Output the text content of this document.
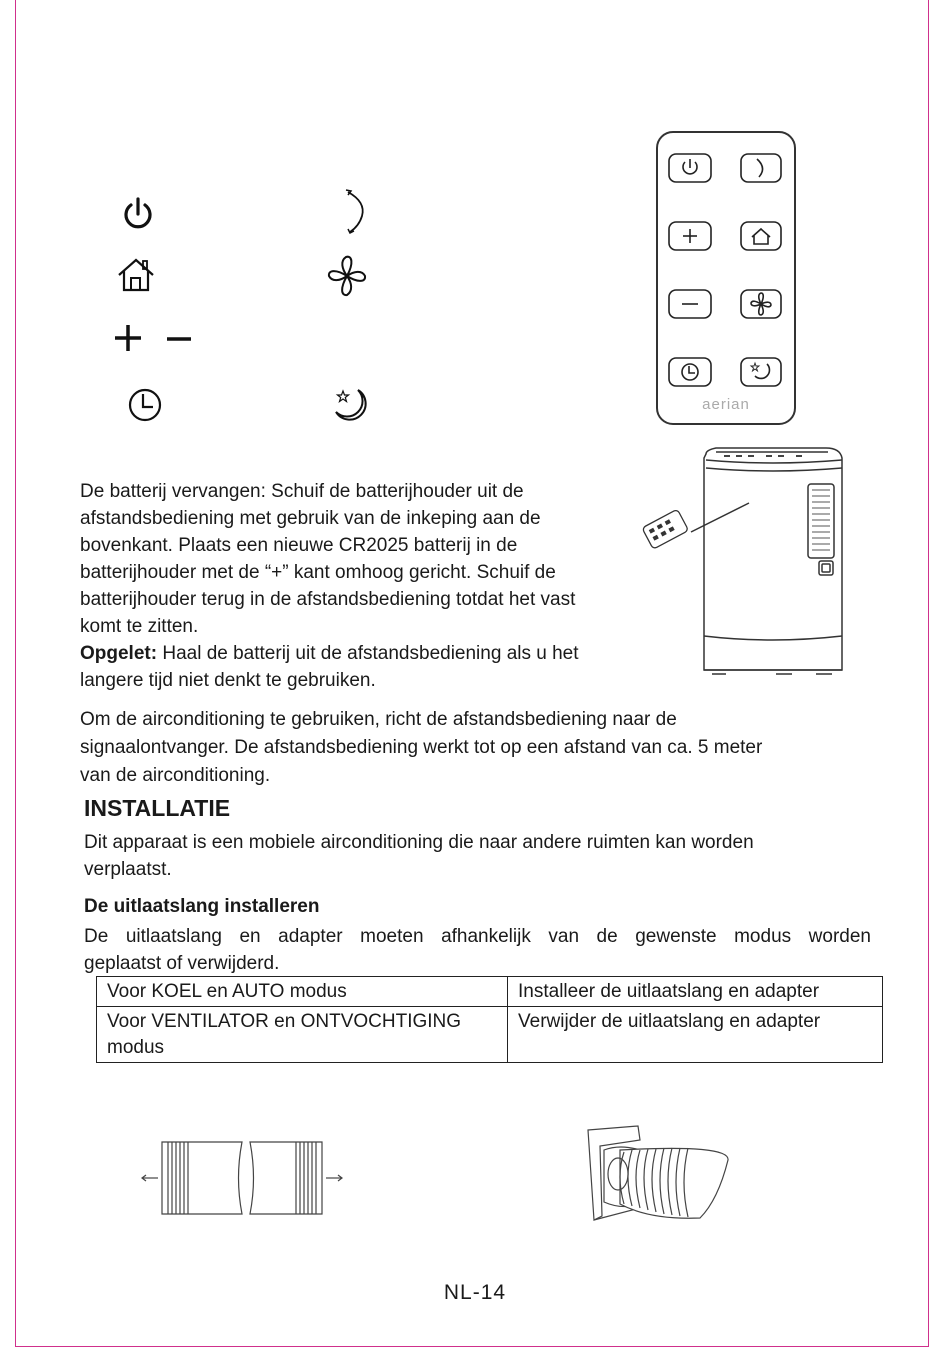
aerian

De batterij vervangen: Schuif de batterijhouder uit de
afstandsbediening met gebruik van de inkeping aan de
bovenkant. Plaats een nieuwe CR2025 batterij in de
batterijhouder met de “+” kant omhoog gericht. Schuif de
batterijhouder terug in de afstandsbediening totdat het vast
komt te zitten.
Opgelet: Haal de batterij uit de afstandsbediening als u het
langere tijd niet denkt te gebruiken.

Om de airconditioning te gebruiken, richt de afstandsbediening naar de
signaalontvanger. De afstandsbediening werkt tot op een afstand van ca. 5 meter
van de airconditioning.

INSTALLATIE

Dit apparaat is een mobiele airconditioning die naar andere ruimten kan worden
verplaatst.

De uitlaatslang installeren

De uitlaatslang en adapter moeten afhankelijk van de gewenste modus worden
geplaatst of verwijderd.

Voor KOEL en AUTO modus	Installeer de uitlaatslang en adapter
Voor VENTILATOR en ONTVOCHTIGING modus	Verwijder de uitlaatslang en adapter
NL-14
